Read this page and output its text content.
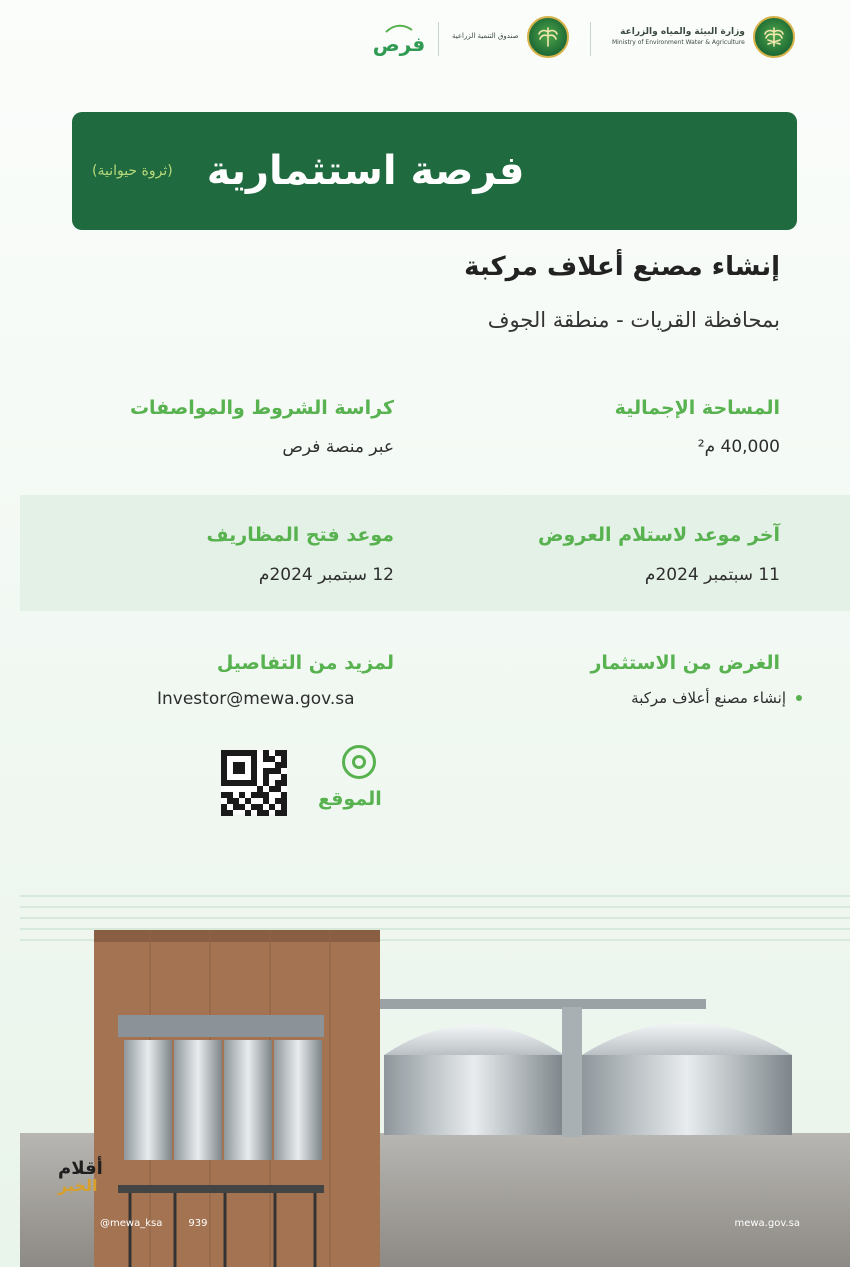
وزارة البيئة والمياه والزراعة
Ministry of Environment Water & Agriculture
صندوق التنمية الزراعية
فرص
فرصة استثمارية
(ثروة حيوانية)
إنشاء مصنع أعلاف مركبة
بمحافظة القريات - منطقة الجوف
المساحة الإجمالية
40,000 م²
كراسة الشروط والمواصفات
عبر منصة فرص
آخر موعد لاستلام العروض
11 سبتمبر 2024م
موعد فتح المظاريف
12 سبتمبر 2024م
الغرض من الاستثمار
إنشاء مصنع أعلاف مركبة
لمزيد من التفاصيل
Investor@mewa.gov.sa
الموقع
@mewa_ksa	939	mewa.gov.sa
أقلام
الخبر
